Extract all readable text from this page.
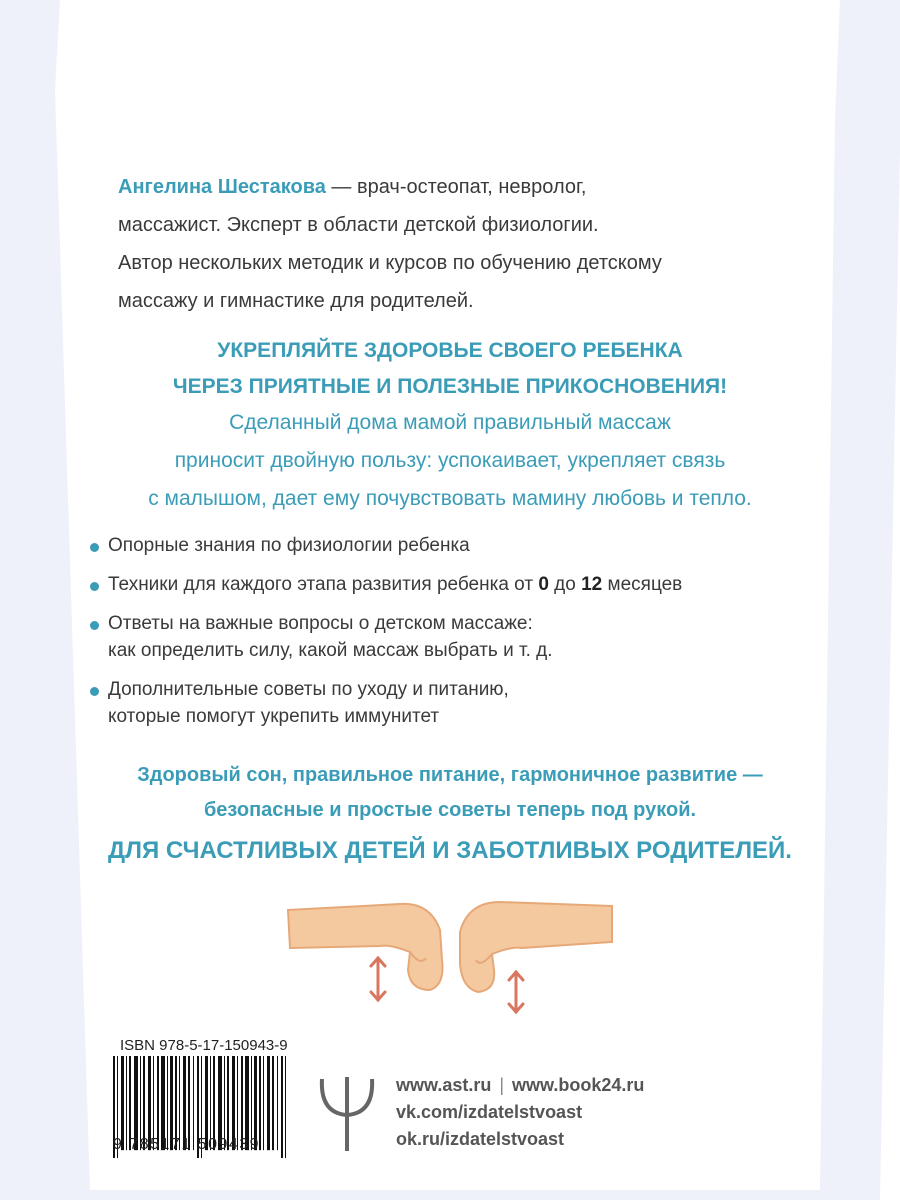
Ангелина Шестакова — врач-остеопат, невролог,
массажист. Эксперт в области детской физиологии.
Автор нескольких методик и курсов по обучению детскому
массажу и гимнастике для родителей.
УКРЕПЛЯЙТЕ ЗДОРОВЬЕ СВОЕГО РЕБЕНКА
ЧЕРЕЗ ПРИЯТНЫЕ И ПОЛЕЗНЫЕ ПРИКОСНОВЕНИЯ!
Сделанный дома мамой правильный массаж
приносит двойную пользу: успокаивает, укрепляет связь
с малышом, дает ему почувствовать мамину любовь и тепло.
Опорные знания по физиологии ребенка
Техники для каждого этапа развития ребенка от 0 до 12 месяцев
Ответы на важные вопросы о детском массаже:
как определить силу, какой массаж выбрать и т. д.
Дополнительные советы по уходу и питанию,
которые помогут укрепить иммунитет
Здоровый сон, правильное питание, гармоничное развитие —
безопасные и простые советы теперь под рукой.
ДЛЯ СЧАСТЛИВЫХ ДЕТЕЙ И ЗАБОТЛИВЫХ РОДИТЕЛЕЙ.
ISBN 978-5-17-150943-9
9 785171 509439
www.ast.ru | www.book24.ru
vk.com/izdatelstvoast
ok.ru/izdatelstvoast
